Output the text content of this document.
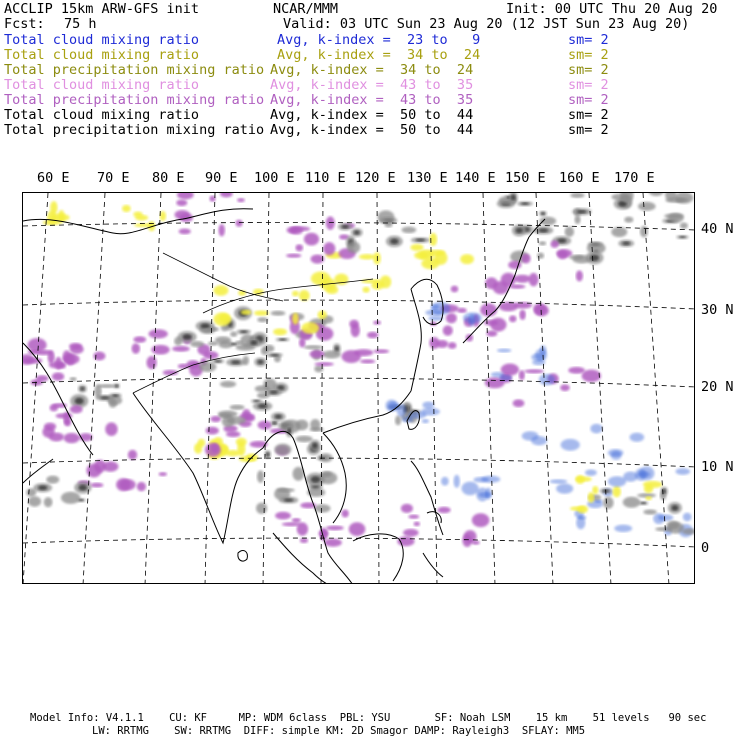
ACCLIP 15km ARW-GFS init	NCAR/MMM	Init: 00 UTC Thu 20 Aug 20
Fcst: 75 h	Valid: 03 UTC Sun 23 Aug 20 (12 JST Sun 23 Aug 20)
Total cloud mixing ratio	Avg, k-index =  23 to   9	sm= 2
Total cloud mixing ratio	Avg, k-index =  34 to  24	sm= 2
Total precipitation mixing ratio Avg, k-index =  34 to  24	sm= 2
Total cloud mixing ratio	Avg, k-index =  43 to  35	sm= 2
Total precipitation mixing ratio Avg, k-index =  43 to  35	sm= 2
Total cloud mixing ratio	Avg, k-index =  50 to  44	sm= 2
Total precipitation mixing ratio Avg, k-index =  50 to  44	sm= 2
60 E 70 E 80 E 90 E 100 E 110 E 120 E 130 E 140 E 150 E 160 E 170 E
40 N
30 N
20 N
10 N
0
Model Info: V4.1.1    CU: KF     MP: WDM 6class  PBL: YSU       SF: Noah LSM    15 km    51 levels   90 sec
LW: RRTMG    SW: RRTMG  DIFF: simple KM: 2D Smagor DAMP: Rayleigh3  SFLAY: MM5
